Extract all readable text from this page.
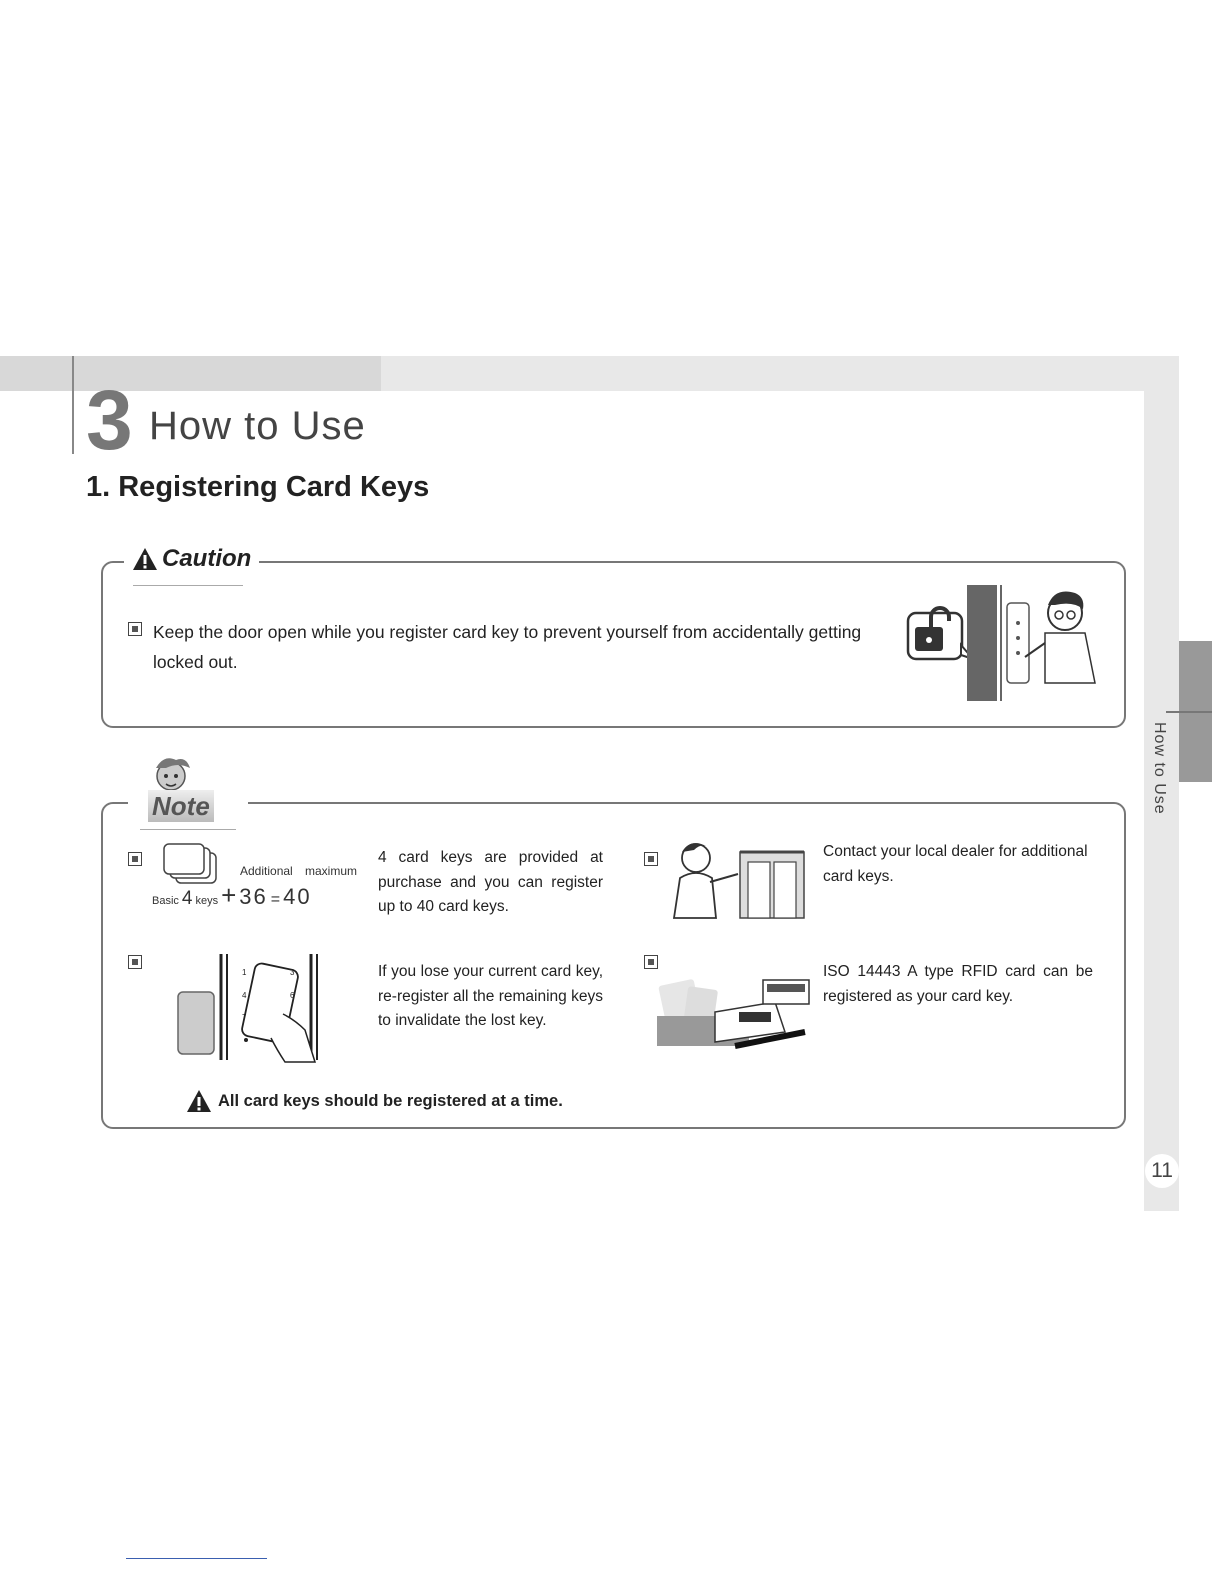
3 How to Use
1. Registering Card Keys
Caution
Keep the door open while you register card key to prevent yourself from accidentally getting locked out.
Note
Additional maximum
Basic 4 keys + 36 = 40
4 card keys are provided at purchase and you can register up to 40 card keys.
Contact your local dealer for additional card keys.
1	3
4	6
7
If you lose your current card key, re-register all the remaining keys to invalidate the lost key.
ISO 14443 A type RFID card can be registered as your card key.
All card keys should be registered at a time.
How to Use
11
